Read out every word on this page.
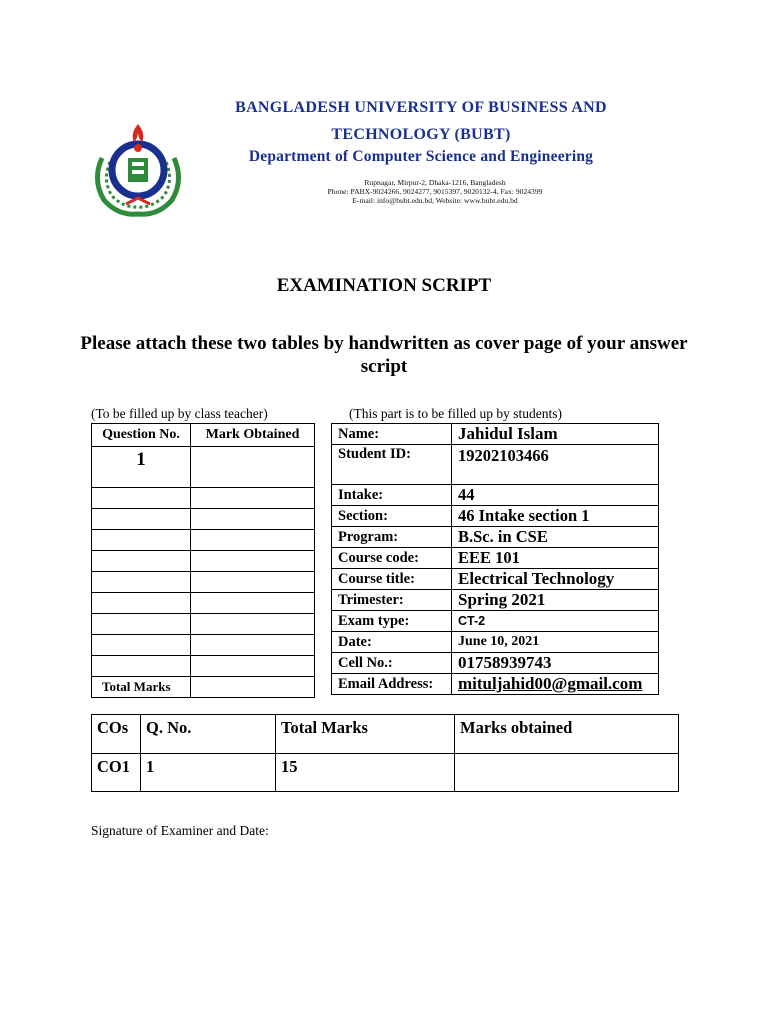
BANGLADESH UNIVERSITY OF BUSINESS AND
TECHNOLOGY (BUBT)
Department of Computer Science and Engineering
Rupnagar, Mirpur-2, Dhaka-1216, Bangladesh
Phone: PABX-9024266, 9024277, 9015397, 9020132-4, Fax: 9024399
E-mail: info@bubt.edu.bd, Website: www.bubt.edu.bd
EXAMINATION SCRIPT
Please attach these two tables by handwritten as cover page of your answer script
(To be filled up by class teacher)	(This part is to be filled up by students)
Question No.	Mark Obtained
1	

Total Marks	
Name:	Jahidul Islam
Student ID:	19202103466
Intake:	44
Section:	46 Intake section 1
Program:	B.Sc. in CSE
Course code:	EEE 101
Course title:	Electrical Technology
Trimester:	Spring 2021
Exam type:	CT-2
Date:	June 10, 2021
Cell No.:	01758939743
Email Address:	mituljahid00@gmail.com
COs	Q. No.	Total Marks	Marks obtained
CO1	1	15	
Signature of Examiner and Date:
